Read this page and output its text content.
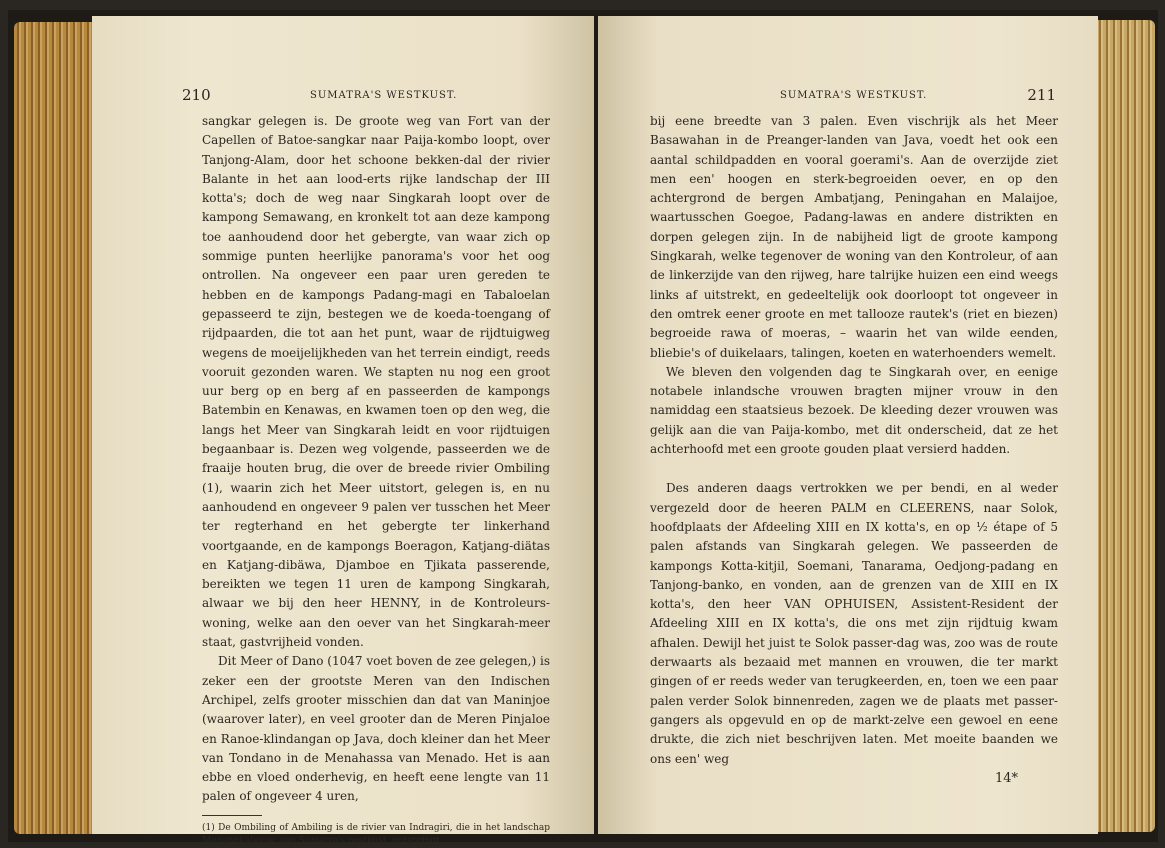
210	SUMATRA'S WESTKUST.

sangkar gelegen is. De groote weg van Fort van der Capellen of Batoe-sangkar naar Paija-kombo loopt, over Tanjong-Alam, door het schoone bekken-dal der rivier Balante in het aan lood-erts rijke landschap der III kotta's; doch de weg naar Singkarah loopt over de kampong Semawang, en kronkelt tot aan deze kampong toe aanhoudend door het gebergte, van waar zich op sommige punten heerlijke panorama's voor het oog ontrollen. Na ongeveer een paar uren gereden te hebben en de kampongs Padang-magi en Tabaloelan gepasseerd te zijn, bestegen we de koeda-toengang of rijdpaarden, die tot aan het punt, waar de rijdtuigweg wegens de moeijelijkheden van het terrein eindigt, reeds vooruit gezonden waren. We stapten nu nog een groot uur berg op en berg af en passeerden de kampongs Batembin en Kenawas, en kwamen toen op den weg, die langs het Meer van Singkarah leidt en voor rijdtuigen begaanbaar is. Dezen weg volgende, passeerden we de fraaije houten brug, die over de breede rivier Ombiling (1), waarin zich het Meer uitstort, gelegen is, en nu aanhoudend en ongeveer 9 palen ver tusschen het Meer ter regterhand en het gebergte ter linkerhand voortgaande, en de kampongs Boeragon, Katjang-diätas en Katjang-dibäwa, Djamboe en Tjikata passerende, bereikten we tegen 11 uren de kampong Singkarah, alwaar we bij den heer HENNY, in de Kontroleurs-woning, welke aan den oever van het Singkarah-meer staat, gastvrijheid vonden.

Dit Meer of Dano (1047 voet boven de zee gelegen,) is zeker een der grootste Meren van den Indischen Archipel, zelfs grooter misschien dan dat van Maninjoe (waarover later), en veel grooter dan de Meren Pinjaloe en Ranoe-klindangan op Java, doch kleiner dan het Meer van Tondano in de Menahassa van Menado. Het is aan ebbe en vloed onderhevig, en heeft eene lengte van 11 palen of ongeveer 4 uren,

(1) De Ombiling of Ambiling is de rivier van Indragiri, die in het landschap Menangkabouw, aan Sumatra's oostkust, ontspringt.
SUMATRA'S WESTKUST.	211

bij eene breedte van 3 palen. Even vischrijk als het Meer Basawahan in de Preanger-landen van Java, voedt het ook een aantal schildpadden en vooral goerami's. Aan de overzijde ziet men een' hoogen en sterk-begroeiden oever, en op den achtergrond de bergen Ambatjang, Peningahan en Malaijoe, waartusschen Goegoe, Padang-lawas en andere distrikten en dorpen gelegen zijn. In de nabijheid ligt de groote kampong Singkarah, welke tegenover de woning van den Kontroleur, of aan de linkerzijde van den rijweg, hare talrijke huizen een eind weegs links af uitstrekt, en gedeeltelijk ook doorloopt tot ongeveer in den omtrek eener groote en met tallooze rautek's (riet en biezen) begroeide rawa of moeras, – waarin het van wilde eenden, bliebie's of duikelaars, talingen, koeten en waterhoenders wemelt.

We bleven den volgenden dag te Singkarah over, en eenige notabele inlandsche vrouwen bragten mijner vrouw in den namiddag een staatsieus bezoek. De kleeding dezer vrouwen was gelijk aan die van Paija-kombo, met dit onderscheid, dat ze het achterhoofd met een groote gouden plaat versierd hadden.

Des anderen daags vertrokken we per bendi, en al weder vergezeld door de heeren PALM en CLEERENS, naar Solok, hoofdplaats der Afdeeling XIII en IX kotta's, en op ½ étape of 5 palen afstands van Singkarah gelegen. We passeerden de kampongs Kotta-kitjil, Soemani, Tanarama, Oedjong-padang en Tanjong-banko, en vonden, aan de grenzen van de XIII en IX kotta's, den heer VAN OPHUISEN, Assistent-Resident der Afdeeling XIII en IX kotta's, die ons met zijn rijdtuig kwam afhalen. Dewijl het juist te Solok passer-dag was, zoo was de route derwaarts als bezaaid met mannen en vrouwen, die ter markt gingen of er reeds weder van terugkeerden, en, toen we een paar palen verder Solok binnenreden, zagen we de plaats met passer-gangers als opgevuld en op de markt-zelve een gewoel en eene drukte, die zich niet beschrijven laten. Met moeite baanden we ons een' weg

14*
